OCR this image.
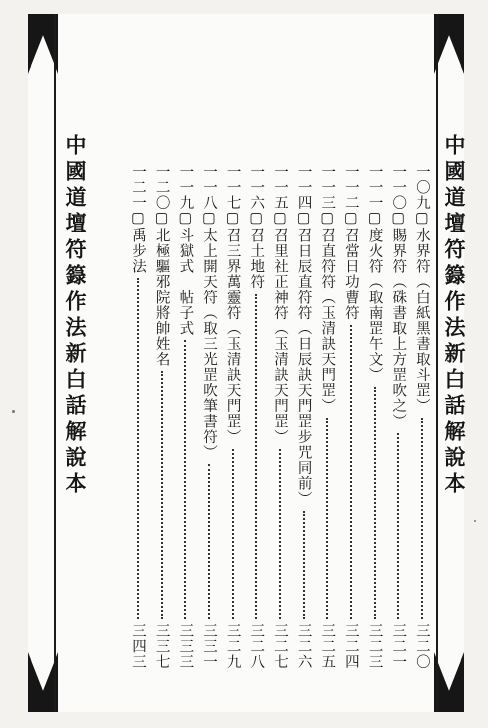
中國道壇符籙作法新白話解說本	中國道壇符籙作法新白話解說本
一〇九▢水界符（白紙黑書取斗罡）
三二〇
一一〇▢賜界符（硃書取上方罡吹之）
三二一
一一一▢度火符（取南罡午文）
三二三
一一二▢召當日功曹符
三二四
一一三▢召直符符（玉清訣天門罡）
三二五
一一四▢召日辰直符符（日辰訣天門罡步咒同前）
三二六
一一五▢召里社正神符（玉清訣天門罡）
三二七
一一六▢召土地符
三二八
一一七▢召三界萬靈符（玉清訣天門罡）
三二九
一一八▢太上開天符（取三光罡吹筆書符）
三三一
一一九▢斗獄式　帖子式
三三三
一二〇▢北極驅邪院將帥姓名
三三七
一二一▢禹步法
三四三
